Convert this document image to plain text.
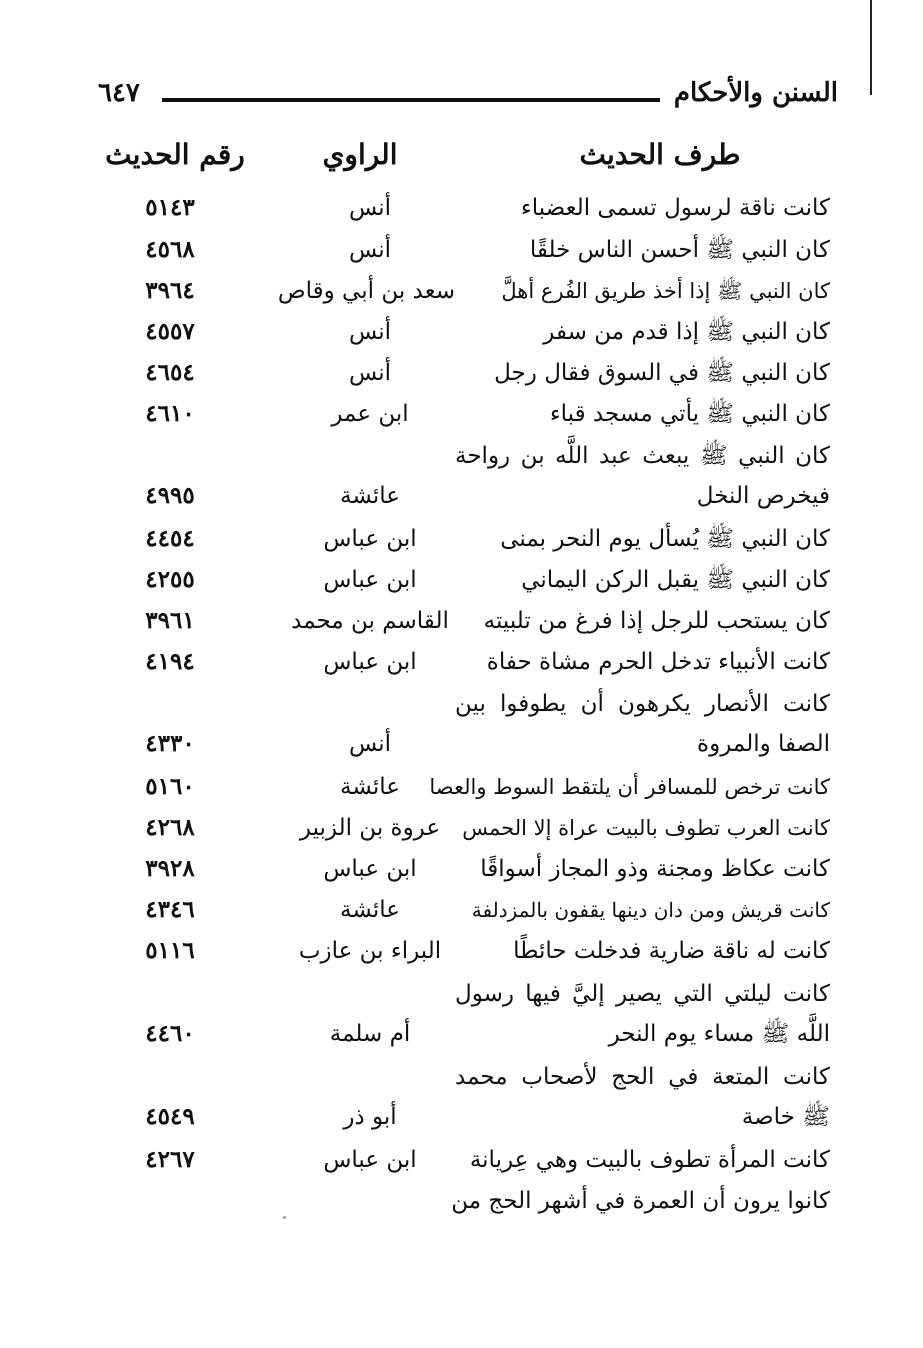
السنن والأحكام
٦٤٧
طرف الحديث
الراوي
رقم الحديث
كانت ناقة لرسول تسمى العضباء
أنس
٥١٤٣
كان النبي ﷺ أحسن الناس خلقًا
أنس
٤٥٦٨
كان النبي ﷺ إذا أخذ طريق الفُرع أهلَّ
سعد بن أبي وقاص
٣٩٦٤
كان النبي ﷺ إذا قدم من سفر
أنس
٤٥٥٧
كان النبي ﷺ في السوق فقال رجل
أنس
٤٦٥٤
كان النبي ﷺ يأتي مسجد قباء
ابن عمر
٤٦١٠
كان النبي ﷺ يبعث عبد اللَّه بن رواحة فيخرص النخل
عائشة
٤٩٩٥
كان النبي ﷺ يُسأل يوم النحر بمنى
ابن عباس
٤٤٥٤
كان النبي ﷺ يقبل الركن اليماني
ابن عباس
٤٢٥٥
كان يستحب للرجل إذا فرغ من تلبيته
القاسم بن محمد
٣٩٦١
كانت الأنبياء تدخل الحرم مشاة حفاة
ابن عباس
٤١٩٤
كانت الأنصار يكرهون أن يطوفوا بين الصفا والمروة
أنس
٤٣٣٠
كانت ترخص للمسافر أن يلتقط السوط والعصا
عائشة
٥١٦٠
كانت العرب تطوف بالبيت عراة إلا الحمس
عروة بن الزبير
٤٢٦٨
كانت عكاظ ومجنة وذو المجاز أسواقًا
ابن عباس
٣٩٢٨
كانت قريش ومن دان دينها يقفون بالمزدلفة
عائشة
٤٣٤٦
كانت له ناقة ضارية فدخلت حائطًا
البراء بن عازب
٥١١٦
كانت ليلتي التي يصير إليَّ فيها رسول اللَّه ﷺ مساء يوم النحر
أم سلمة
٤٤٦٠
كانت المتعة في الحج لأصحاب محمد ﷺ خاصة
أبو ذر
٤٥٤٩
كانت المرأة تطوف بالبيت وهي عِريانة
ابن عباس
٤٢٦٧
كانوا يرون أن العمرة في أشهر الحج من
